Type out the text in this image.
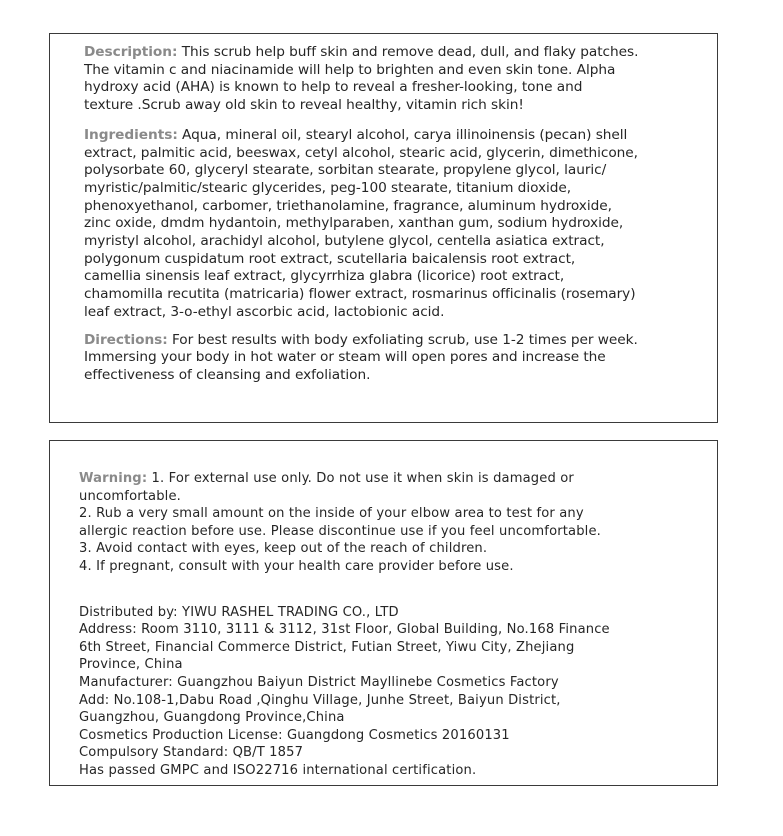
Description: This scrub help buff skin and remove dead, dull, and flaky patches.
The vitamin c and niacinamide will help to brighten and even skin tone. Alpha
hydroxy acid (AHA) is known to help to reveal a fresher-looking, tone and
texture .Scrub away old skin to reveal healthy, vitamin rich skin!
Ingredients: Aqua, mineral oil, stearyl alcohol, carya illinoinensis (pecan) shell
extract, palmitic acid, beeswax, cetyl alcohol, stearic acid, glycerin, dimethicone,
polysorbate 60, glyceryl stearate, sorbitan stearate, propylene glycol, lauric/
myristic/palmitic/stearic glycerides, peg-100 stearate, titanium dioxide,
phenoxyethanol, carbomer, triethanolamine, fragrance, aluminum hydroxide,
zinc oxide, dmdm hydantoin, methylparaben, xanthan gum, sodium hydroxide,
myristyl alcohol, arachidyl alcohol, butylene glycol, centella asiatica extract,
polygonum cuspidatum root extract, scutellaria baicalensis root extract,
camellia sinensis leaf extract, glycyrrhiza glabra (licorice) root extract,
chamomilla recutita (matricaria) flower extract, rosmarinus officinalis (rosemary)
leaf extract, 3-o-ethyl ascorbic acid, lactobionic acid.
Directions: For best results with body exfoliating scrub, use 1-2 times per week.
Immersing your body in hot water or steam will open pores and increase the
effectiveness of cleansing and exfoliation.
Warning: 1. For external use only. Do not use it when skin is damaged or
uncomfortable.
2. Rub a very small amount on the inside of your elbow area to test for any
allergic reaction before use. Please discontinue use if you feel uncomfortable.
3. Avoid contact with eyes, keep out of the reach of children.
4. If pregnant, consult with your health care provider before use.
Distributed by: YIWU RASHEL TRADING CO., LTD
Address: Room 3110, 3111 & 3112, 31st Floor, Global Building, No.168 Finance
6th Street, Financial Commerce District, Futian Street, Yiwu City, Zhejiang
Province, China
Manufacturer: Guangzhou Baiyun District Mayllinebe Cosmetics Factory
Add: No.108-1,Dabu Road ,Qinghu Village, Junhe Street, Baiyun District,
Guangzhou, Guangdong Province,China
Cosmetics Production License: Guangdong Cosmetics 20160131
Compulsory Standard: QB/T 1857
Has passed GMPC and ISO22716 international certification.
